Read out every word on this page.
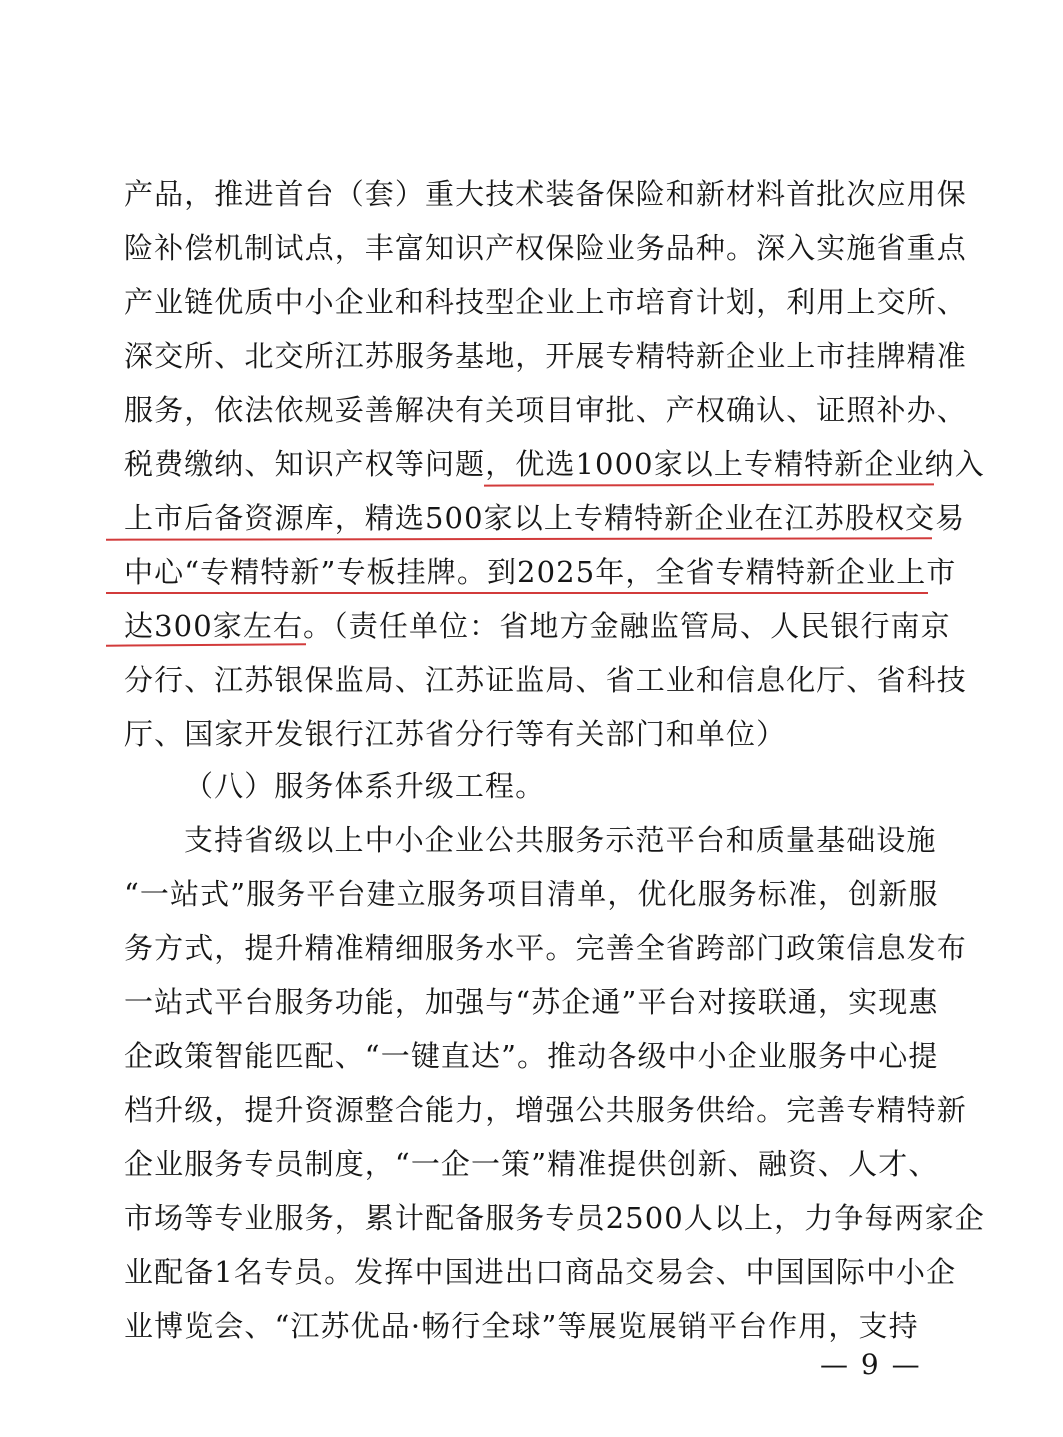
产品，推进首台（套）重大技术装备保险和新材料首批次应用保
险补偿机制试点，丰富知识产权保险业务品种。深入实施省重点
产业链优质中小企业和科技型企业上市培育计划，利用上交所、
深交所、北交所江苏服务基地，开展专精特新企业上市挂牌精准
服务，依法依规妥善解决有关项目审批、产权确认、证照补办、
税费缴纳、知识产权等问题，优选1000家以上专精特新企业纳入
上市后备资源库，精选500家以上专精特新企业在江苏股权交易
中心“专精特新”专板挂牌。到2025年，全省专精特新企业上市
达300家左右。（责任单位：省地方金融监管局、人民银行南京
分行、江苏银保监局、江苏证监局、省工业和信息化厅、省科技
厅、国家开发银行江苏省分行等有关部门和单位）
（八）服务体系升级工程。
支持省级以上中小企业公共服务示范平台和质量基础设施
“一站式”服务平台建立服务项目清单，优化服务标准，创新服
务方式，提升精准精细服务水平。完善全省跨部门政策信息发布
一站式平台服务功能，加强与“苏企通”平台对接联通，实现惠
企政策智能匹配、“一键直达”。推动各级中小企业服务中心提
档升级，提升资源整合能力，增强公共服务供给。完善专精特新
企业服务专员制度，“一企一策”精准提供创新、融资、人才、
市场等专业服务，累计配备服务专员2500人以上，力争每两家企
业配备1名专员。发挥中国进出口商品交易会、中国国际中小企
业博览会、“江苏优品·畅行全球”等展览展销平台作用，支持
— 9 —
